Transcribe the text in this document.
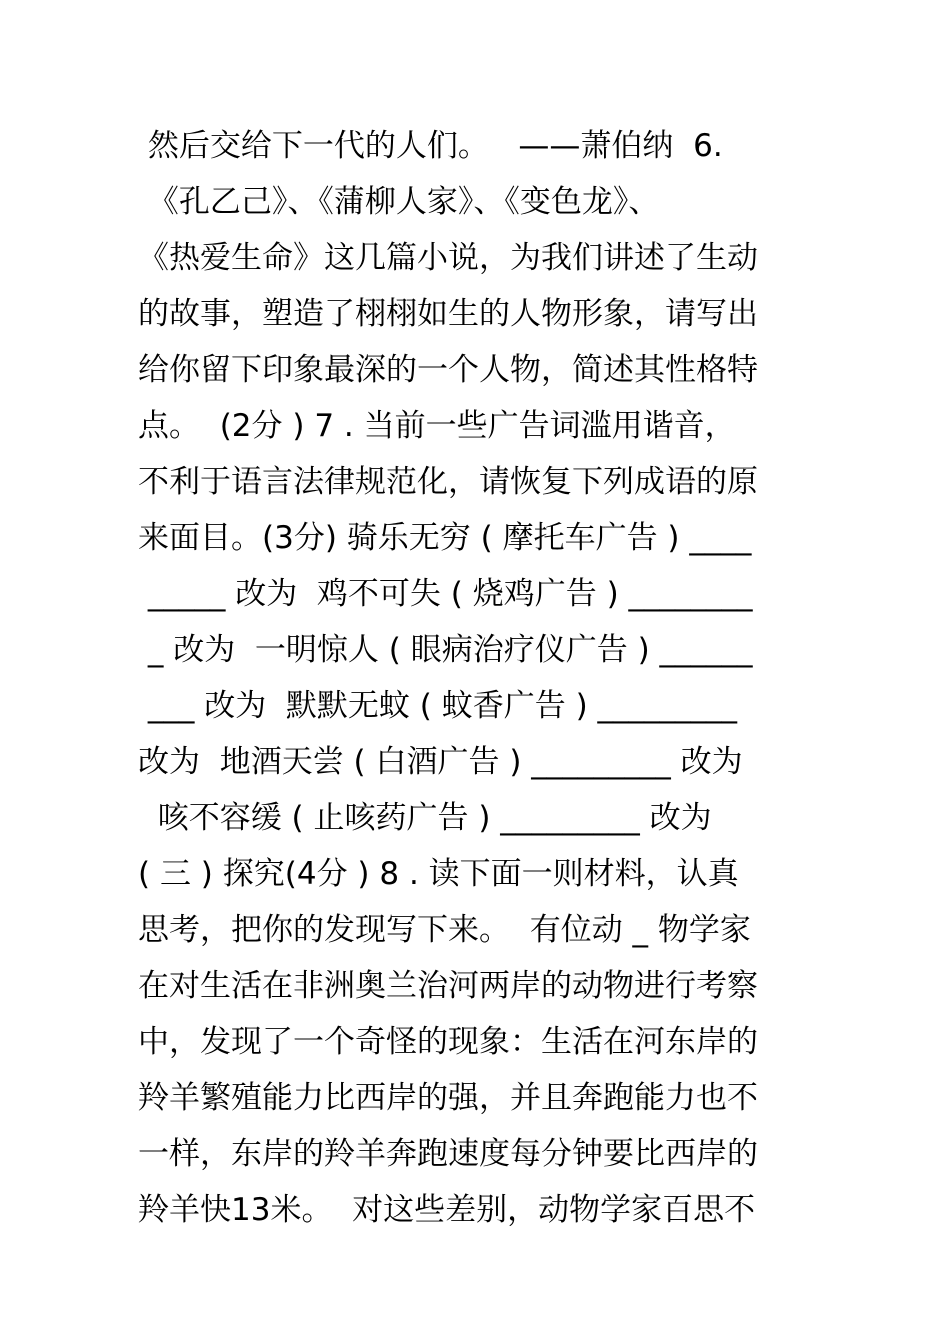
然后交给下一代的人们。   ——萧伯纳  6.
《孔乙己》、《蒲柳人家》、《变色龙》、
《热爱生命》这几篇小说，为我们讲述了生动
的故事，塑造了栩栩如生的人物形象，请写出
给你留下印象最深的一个人物，简述其性格特
点。  (2分 ) 7 . 当前一些广告词滥用谐音，
不利于语言法律规范化，请恢复下列成语的原
来面目。(3分) 骑乐无穷 ( 摩托车广告 ) ____
_____ 改为  鸡不可失 ( 烧鸡广告 ) ________
_ 改为  一明惊人 ( 眼病治疗仪广告 ) ______
___ 改为  默默无蚊 ( 蚊香广告 ) _________
改为  地酒天尝 ( 白酒广告 ) _________ 改为
咳不容缓 ( 止咳药广告 ) _________ 改为
( 三 ) 探究(4分 ) 8 . 读下面一则材料，认真
思考，把你的发现写下来。  有位动 _ 物学家
在对生活在非洲奥兰治河两岸的动物进行考察
中，发现了一个奇怪的现象：生活在河东岸的
羚羊繁殖能力比西岸的强，并且奔跑能力也不
一样，东岸的羚羊奔跑速度每分钟要比西岸的
羚羊快13米。  对这些差别，动物学家百思不
